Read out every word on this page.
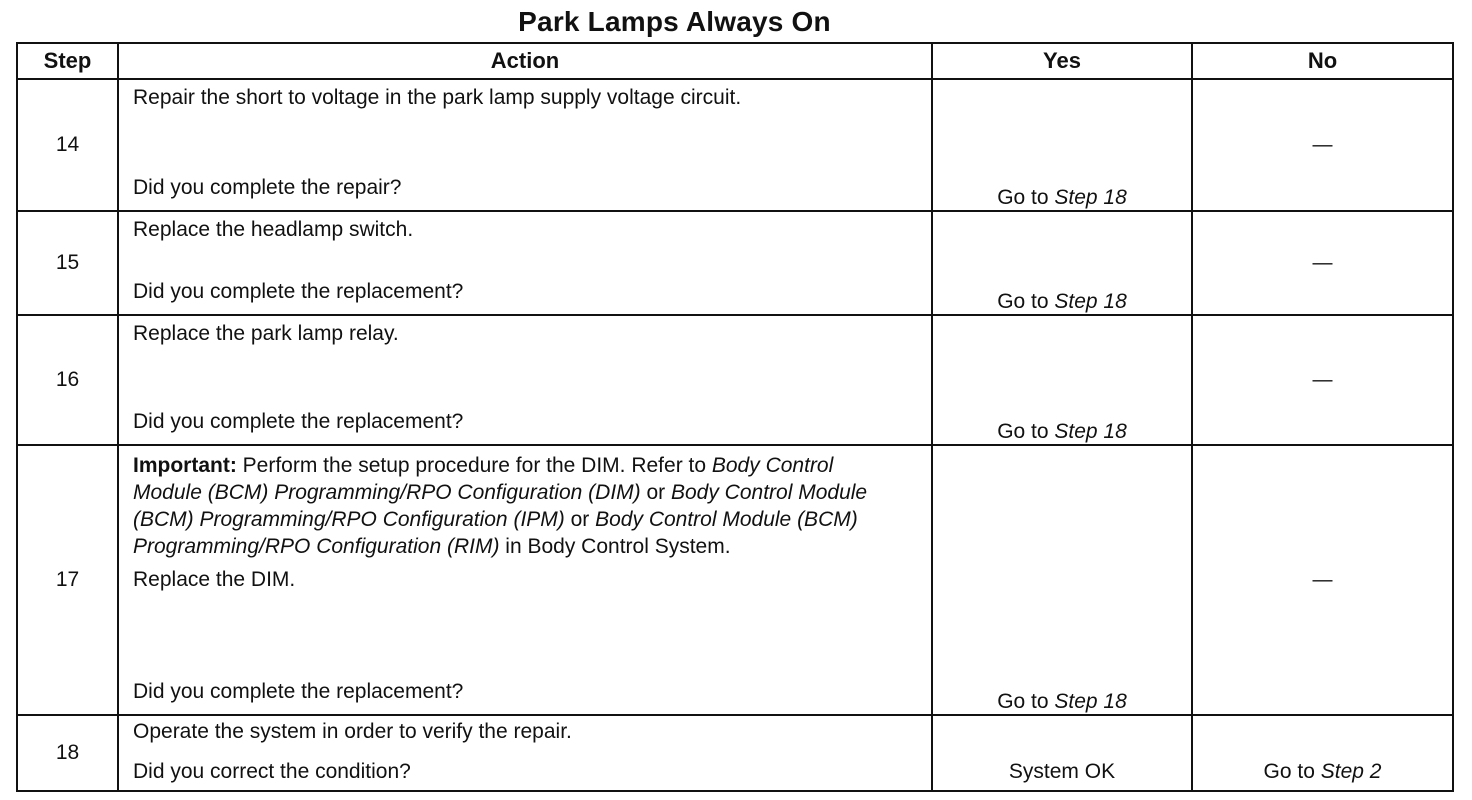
Park Lamps Always On
Step	Action	Yes	No
14	Repair the short to voltage in the park lamp supply voltage circuit.
Did you complete the repair?	Go to Step 18	—
15	Replace the headlamp switch.
Did you complete the replacement?	Go to Step 18	—
16	Replace the park lamp relay.
Did you complete the replacement?	Go to Step 18	—
17	Important: Perform the setup procedure for the DIM. Refer to Body Control Module (BCM) Programming/RPO Configuration (DIM) or Body Control Module (BCM) Programming/RPO Configuration (IPM) or Body Control Module (BCM) Programming/RPO Configuration (RIM) in Body Control System.
Replace the DIM.
Did you complete the replacement?	Go to Step 18	—
18	Operate the system in order to verify the repair.
Did you correct the condition?	System OK	Go to Step 2
